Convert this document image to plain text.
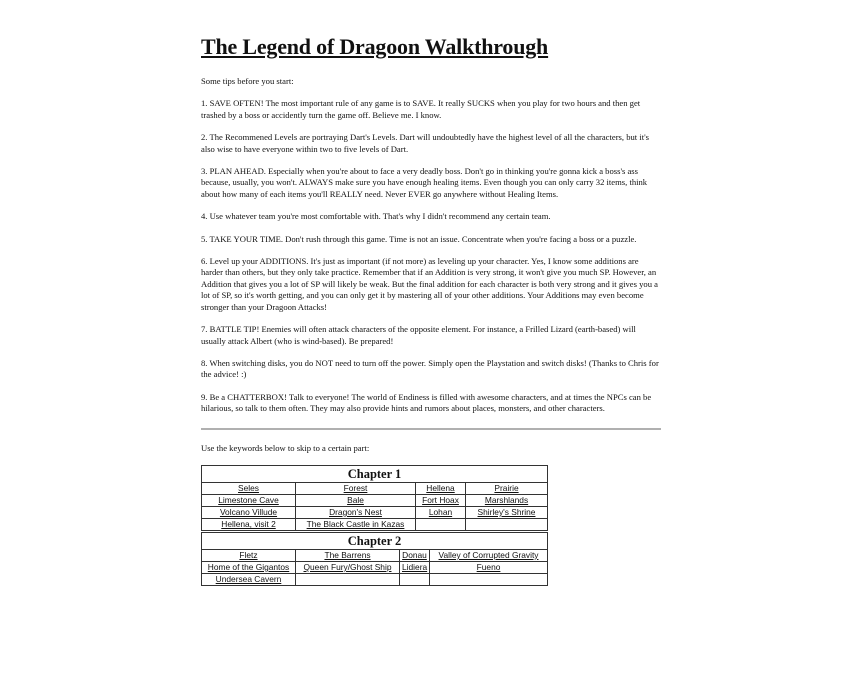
The Legend of Dragoon Walkthrough

Some tips before you start:

1. SAVE OFTEN! The most important rule of any game is to SAVE. It really SUCKS when you play for two hours and then get trashed by a boss or accidently turn the game off. Believe me. I know.

2. The Recommened Levels are portraying Dart's Levels. Dart will undoubtedly have the highest level of all the characters, but it's also wise to have everyone within two to five levels of Dart.

3. PLAN AHEAD. Especially when you're about to face a very deadly boss. Don't go in thinking you're gonna kick a boss's ass because, usually, you won't. ALWAYS make sure you have enough healing items. Even though you can only carry 32 items, think about how many of each items you'll REALLY need. Never EVER go anywhere without Healing Items.

4. Use whatever team you're most comfortable with. That's why I didn't recommend any certain team.

5. TAKE YOUR TIME. Don't rush through this game. Time is not an issue. Concentrate when you're facing a boss or a puzzle.

6. Level up your ADDITIONS. It's just as important (if not more) as leveling up your character. Yes, I know some additions are harder than others, but they only take practice. Remember that if an Addition is very strong, it won't give you much SP. However, an Addition that gives you a lot of SP will likely be weak. But the final addition for each character is both very strong and it gives you a lot of SP, so it's worth getting, and you can only get it by mastering all of your other additions. Your Additions may even become stronger than your Dragoon Attacks!

7. BATTLE TIP! Enemies will often attack characters of the opposite element. For instance, a Frilled Lizard (earth-based) will usually attack Albert (who is wind-based). Be prepared!

8. When switching disks, you do NOT need to turn off the power. Simply open the Playstation and switch disks! (Thanks to Chris for the advice! :)

9. Be a CHATTERBOX! Talk to everyone! The world of Endiness is filled with awesome characters, and at times the NPCs can be hilarious, so talk to them often. They may also provide hints and rumors about places, monsters, and other characters.

Use the keywords below to skip to a certain part:

Chapter 1			
Seles	Forest	Hellena	Prairie
Limestone Cave	Bale	Fort Hoax	Marshlands
Volcano Villude	Dragon's Nest	Lohan	Shirley's Shrine
Hellena, visit 2	The Black Castle in Kazas		
Chapter 2			
Fletz	The Barrens	Donau	Valley of Corrupted Gravity
Home of the Gigantos	Queen Fury/Ghost Ship	Lidiera	Fueno
Undersea Cavern			
